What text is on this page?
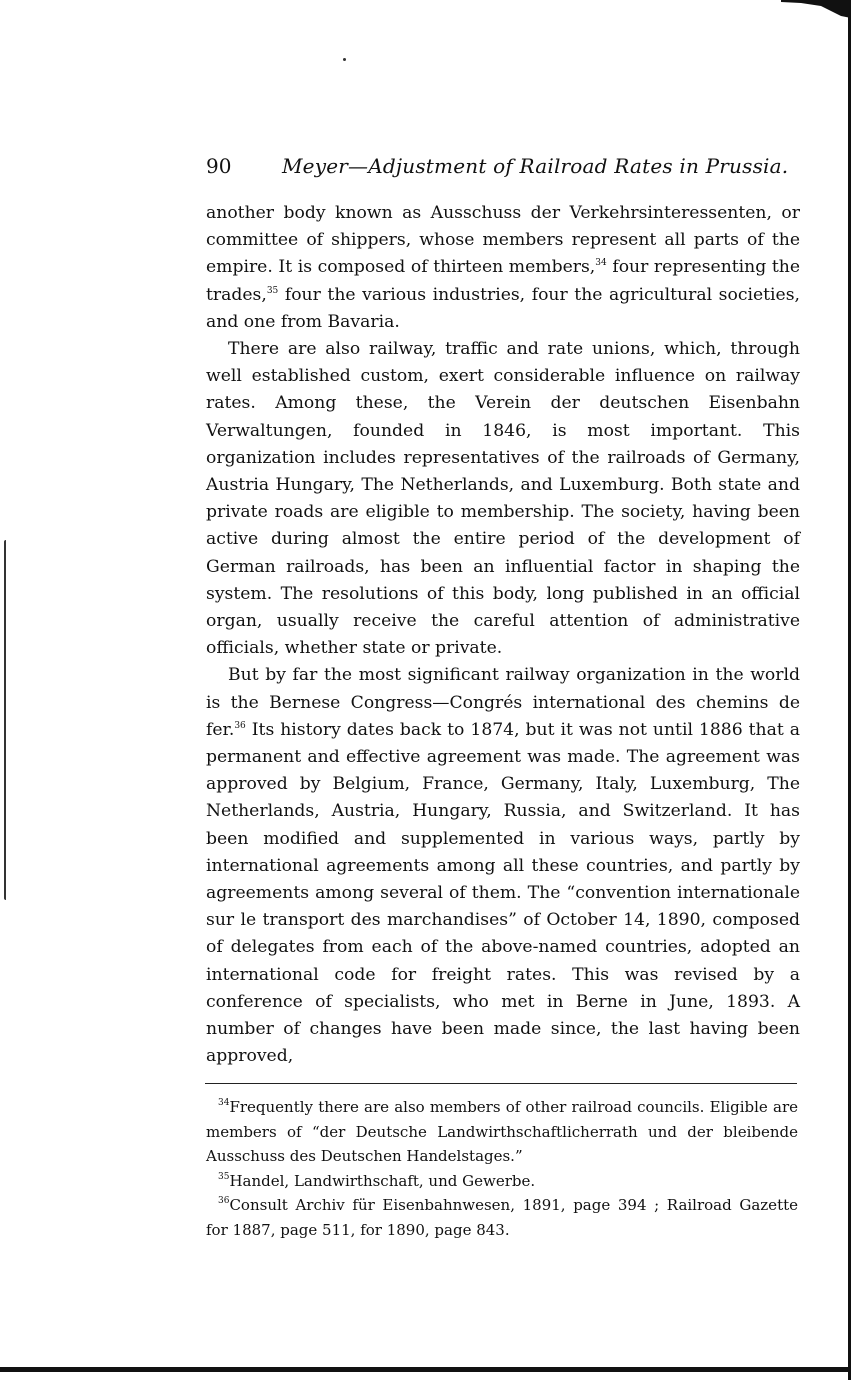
90	Meyer—Adjustment of Railroad Rates in Prussia.

another body known as Ausschuss der Verkehrsinteressenten, or committee of shippers, whose members represent all parts of the empire. It is composed of thirteen members,$^{34}$ four representing the trades,$^{35}$ four the various industries, four the agricultural societies, and one from Bavaria.

There are also railway, traffic and rate unions, which, through well established custom, exert considerable influence on railway rates. Among these, the Verein der deutschen Eisenbahn Verwaltungen, founded in 1846, is most important. This organization includes representatives of the railroads of Germany, Austria Hungary, The Netherlands, and Luxemburg. Both state and private roads are eligible to membership. The society, having been active during almost the entire period of the development of German railroads, has been an influential factor in shaping the system. The resolutions of this body, long published in an official organ, usually receive the careful attention of administrative officials, whether state or private.

But by far the most significant railway organization in the world is the Bernese Congress—Congrés international des chemins de fer.$^{36}$ Its history dates back to 1874, but it was not until 1886 that a permanent and effective agreement was made. The agreement was approved by Belgium, France, Germany, Italy, Luxemburg, The Netherlands, Austria, Hungary, Russia, and Switzerland. It has been modified and supplemented in various ways, partly by international agreements among all these countries, and partly by agreements among several of them. The “convention internationale sur le transport des marchandises” of October 14, 1890, composed of delegates from each of the above-named countries, adopted an international code for freight rates. This was revised by a conference of specialists, who met in Berne in June, 1893. A number of changes have been made since, the last having been approved,

$^{34}$Frequently there are also members of other railroad councils. Eligible are members of “der Deutsche Landwirthschaftlicherrath und der bleibende Ausschuss des Deutschen Handelstages.”

$^{35}$Handel, Landwirthschaft, und Gewerbe.

$^{36}$Consult Archiv für Eisenbahnwesen, 1891, page 394 ; Railroad Gazette for 1887, page 511, for 1890, page 843.
